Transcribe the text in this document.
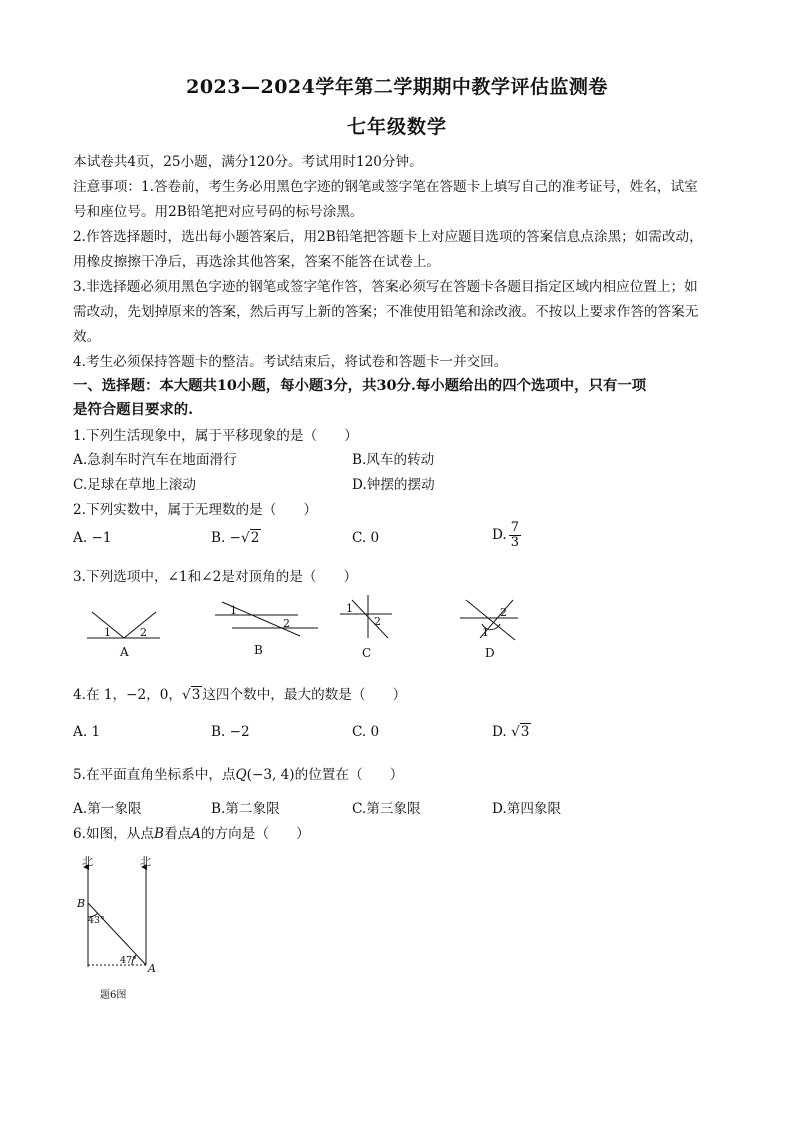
2023—2024学年第二学期期中教学评估监测卷
七年级数学
本试卷共4页，25小题，满分120分。考试用时120分钟。
注意事项：1.答卷前，考生务必用黑色字迹的钢笔或签字笔在答题卡上填写自己的准考证号，姓名，试室
号和座位号。用2B铅笔把对应号码的标号涂黑。
2.作答选择题时，选出每小题答案后，用2B铅笔把答题卡上对应题目选项的答案信息点涂黑；如需改动，
用橡皮擦擦干净后，再选涂其他答案，答案不能答在试卷上。
3.非选择题必须用黑色字迹的钢笔或签字笔作答，答案必须写在答题卡各题目指定区域内相应位置上；如
需改动，先划掉原来的答案，然后再写上新的答案；不准使用铅笔和涂改液。不按以上要求作答的答案无
效。
4.考生必须保持答题卡的整洁。考试结束后，将试卷和答题卡一并交回。
一、选择题：本大题共10小题，每小题3分，共30分.每小题给出的四个选项中，只有一项
是符合题目要求的.
1.下列生活现象中，属于平移现象的是（　　）
A.急刹车时汽车在地面滑行	B.风车的转动
C.足球在草地上滚动	D.钟摆的摆动
2.下列实数中，属于无理数的是（　　）
A. −1	B. −√2	C. 0	D. $\frac{7}{3}$
3.下列选项中，∠1和∠2是对顶角的是（　　）
1	2
A
1
2
B
1
2
C
1
2
D
4.在 1，−2，0，√3 这四个数中，最大的数是（　　）
A. 1	B. −2	C. 0	D. √3
5.在平面直角坐标系中，点Q(−3, 4)的位置在（　　）
A.第一象限	B.第二象限	C.第三象限	D.第四象限
6.如图，从点B看点A的方向是（　　）
北	北
B
A
43°
47°
题6图
